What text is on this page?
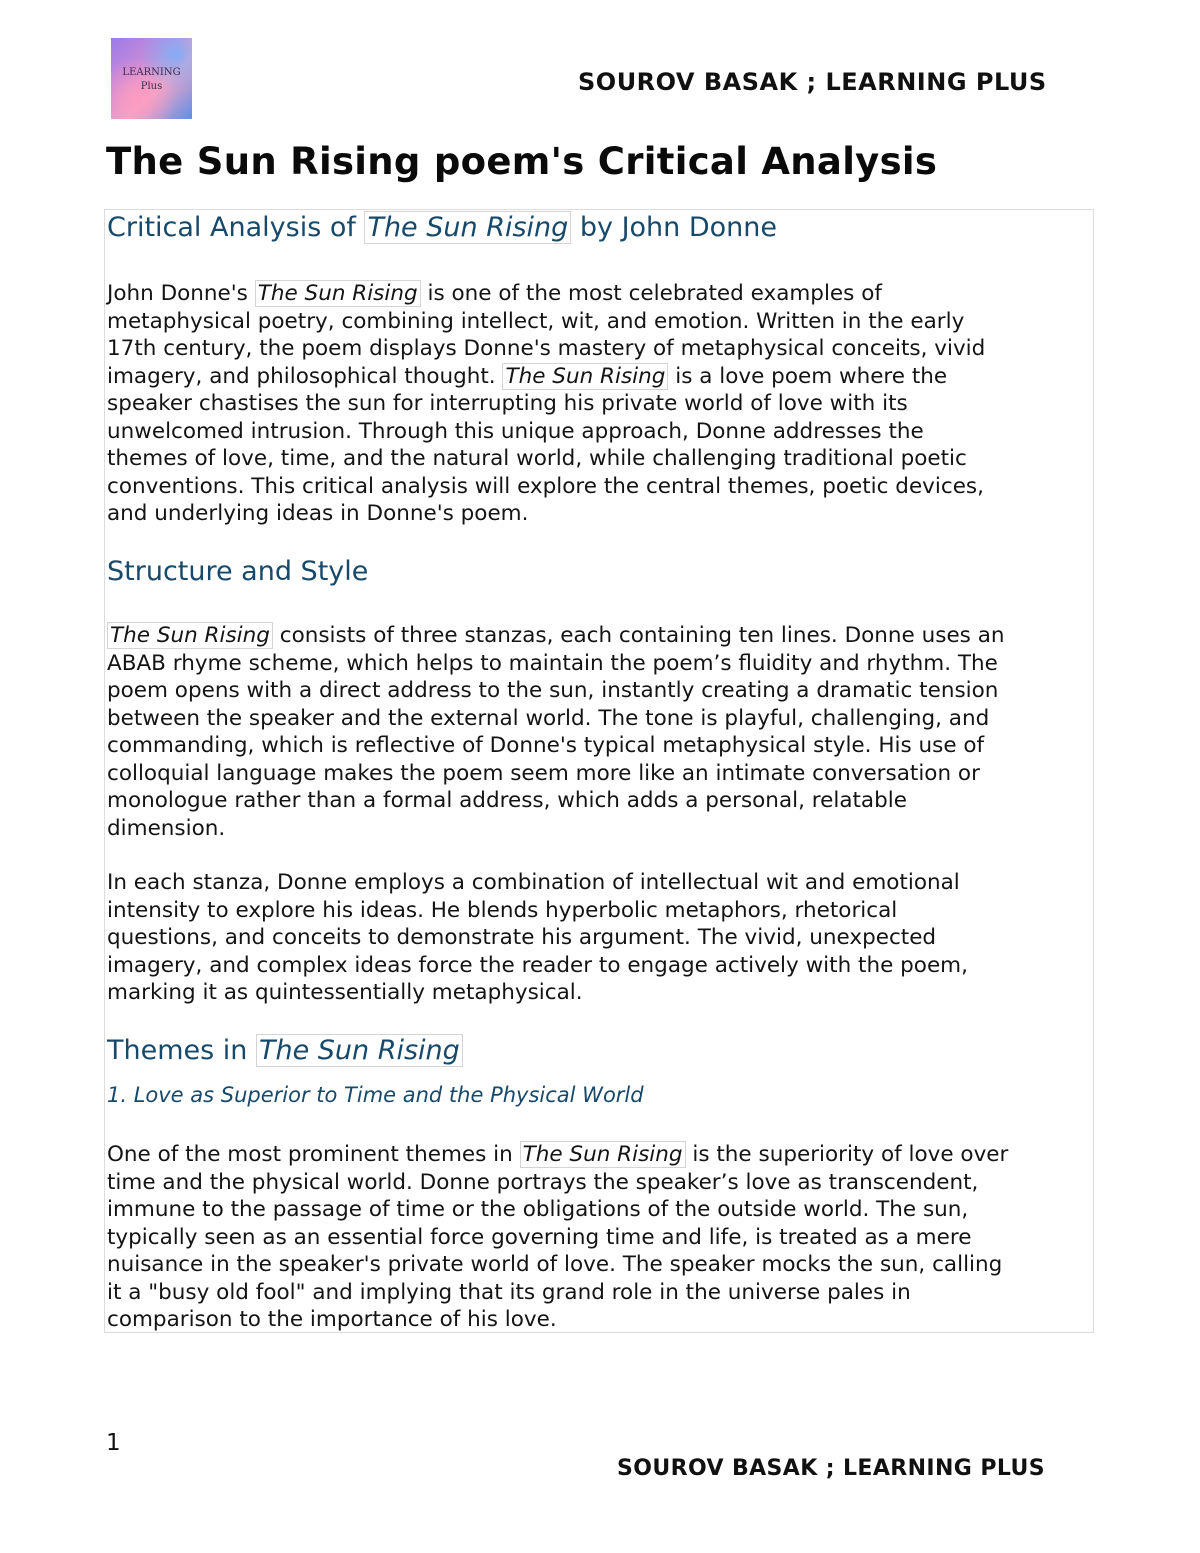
LEARNING
Plus	SOUROV BASAK ; LEARNING PLUS
The Sun Rising poem's Critical Analysis
Critical Analysis of The Sun Rising by John Donne
John Donne's The Sun Rising is one of the most celebrated examples of
metaphysical poetry, combining intellect, wit, and emotion. Written in the early
17th century, the poem displays Donne's mastery of metaphysical conceits, vivid
imagery, and philosophical thought. The Sun Rising is a love poem where the
speaker chastises the sun for interrupting his private world of love with its
unwelcomed intrusion. Through this unique approach, Donne addresses the
themes of love, time, and the natural world, while challenging traditional poetic
conventions. This critical analysis will explore the central themes, poetic devices,
and underlying ideas in Donne's poem.
Structure and Style
The Sun Rising consists of three stanzas, each containing ten lines. Donne uses an
ABAB rhyme scheme, which helps to maintain the poem’s fluidity and rhythm. The
poem opens with a direct address to the sun, instantly creating a dramatic tension
between the speaker and the external world. The tone is playful, challenging, and
commanding, which is reflective of Donne's typical metaphysical style. His use of
colloquial language makes the poem seem more like an intimate conversation or
monologue rather than a formal address, which adds a personal, relatable
dimension.
In each stanza, Donne employs a combination of intellectual wit and emotional
intensity to explore his ideas. He blends hyperbolic metaphors, rhetorical
questions, and conceits to demonstrate his argument. The vivid, unexpected
imagery, and complex ideas force the reader to engage actively with the poem,
marking it as quintessentially metaphysical.
Themes in The Sun Rising
1. Love as Superior to Time and the Physical World
One of the most prominent themes in The Sun Rising is the superiority of love over
time and the physical world. Donne portrays the speaker’s love as transcendent,
immune to the passage of time or the obligations of the outside world. The sun,
typically seen as an essential force governing time and life, is treated as a mere
nuisance in the speaker's private world of love. The speaker mocks the sun, calling
it a "busy old fool" and implying that its grand role in the universe pales in
comparison to the importance of his love.
1
SOUROV BASAK ; LEARNING PLUS
